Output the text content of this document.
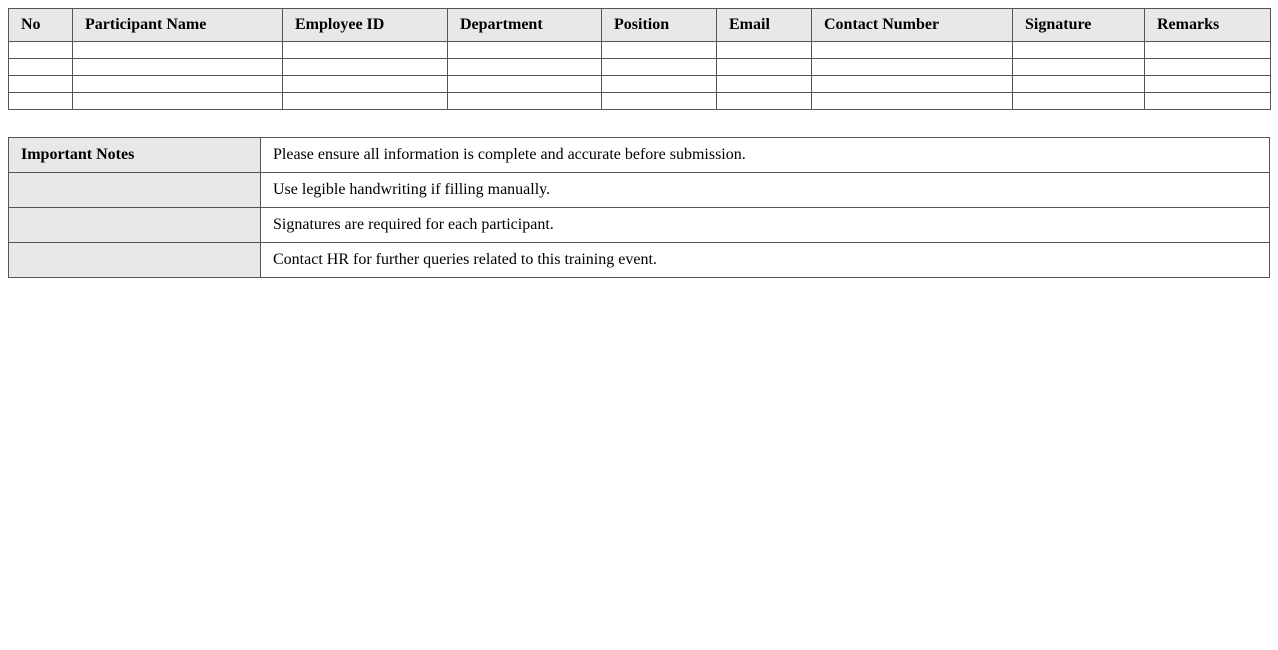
No	Participant Name	Employee ID	Department	Position	Email	Contact Number	Signature	Remarks

Important Notes	Please ensure all information is complete and accurate before submission.
	Use legible handwriting if filling manually.
	Signatures are required for each participant.
	Contact HR for further queries related to this training event.
